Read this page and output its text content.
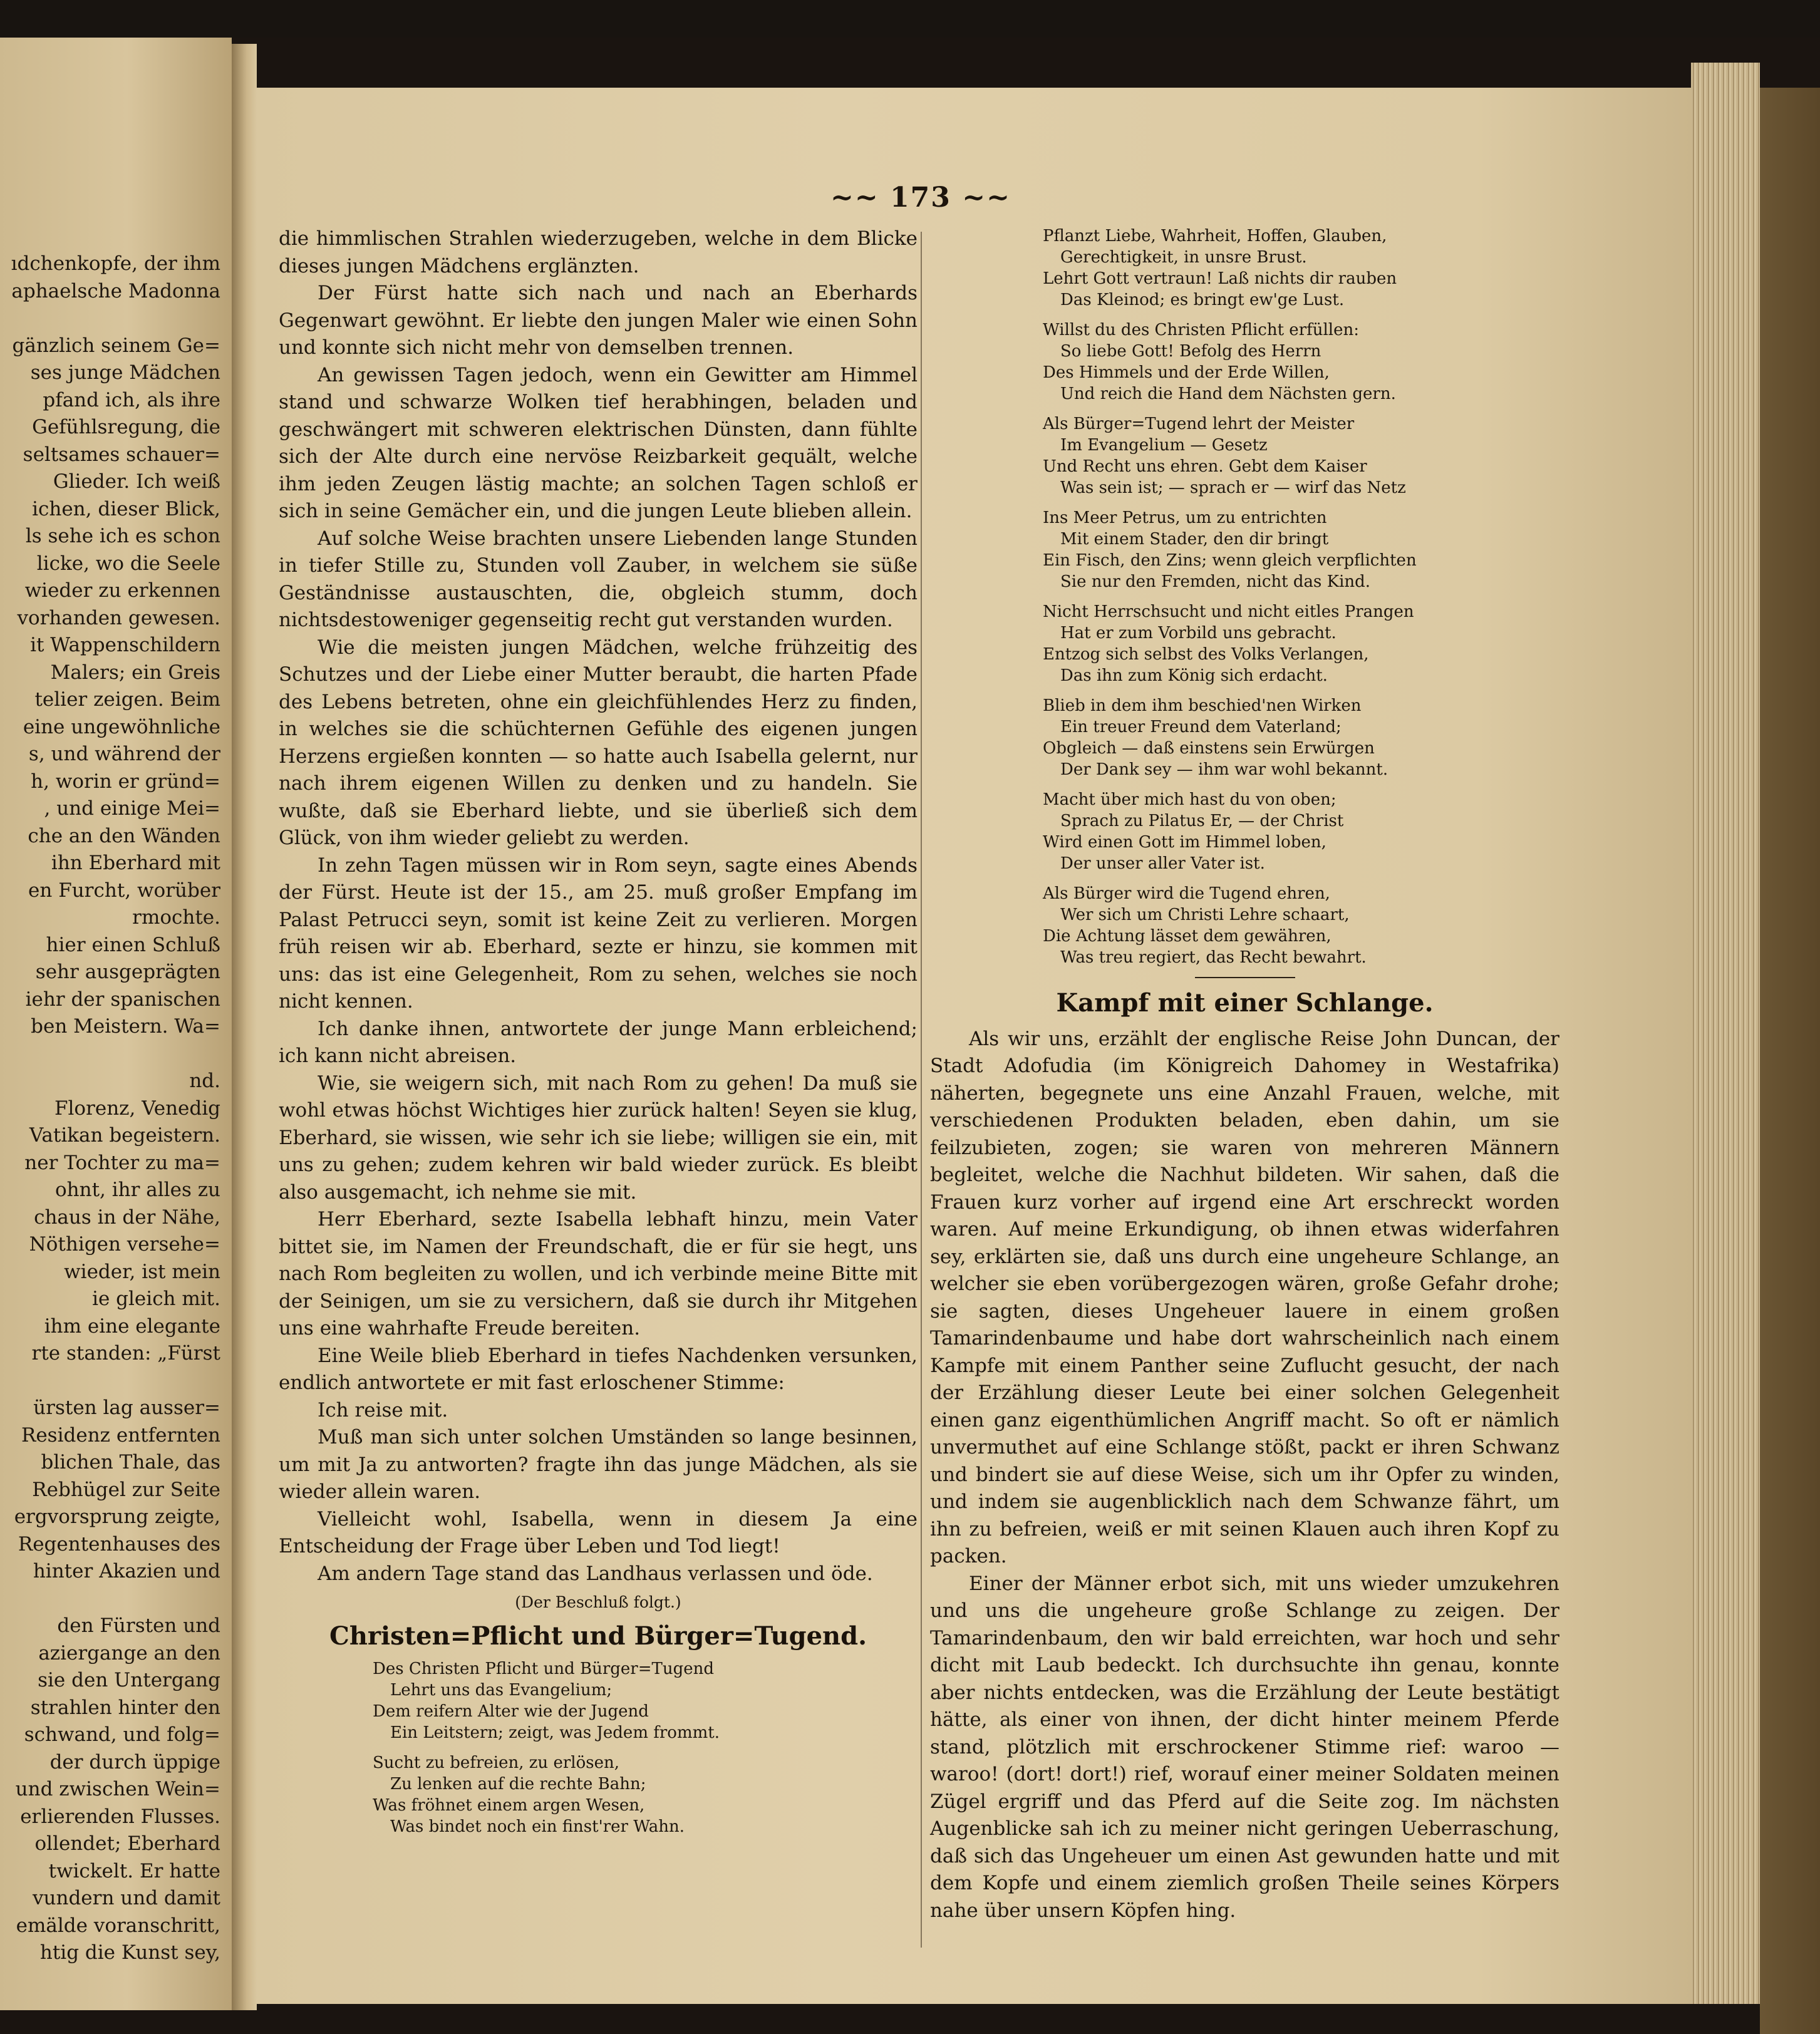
ıdchenkopfe, der ihm
aphaelsche Madonna

gänzlich seinem Ge=
ses junge Mädchen
pfand ich, als ihre
Gefühlsregung, die
seltsames schauer=
Glieder. Ich weiß
ichen, dieser Blick,
ls sehe ich es schon
licke, wo die Seele
wieder zu erkennen
vorhanden gewesen.
it Wappenschildern
Malers; ein Greis
telier zeigen. Beim
eine ungewöhnliche
s, und während der
h, worin er gründ=
, und einige Mei=
che an den Wänden
ihn Eberhard mit
en Furcht, worüber
rmochte.
hier einen Schluß
sehr ausgeprägten
iehr der spanischen
ben Meistern. Wa=

nd.
Florenz, Venedig
Vatikan begeistern.
ner Tochter zu ma=
ohnt, ihr alles zu
chaus in der Nähe,
Nöthigen versehe=
wieder, ist mein
ie gleich mit.
ihm eine elegante
rte standen: „Fürst

ürsten lag ausser=
Residenz entfernten
blichen Thale, das
Rebhügel zur Seite
ergvorsprung zeigte,
Regentenhauses des
hinter Akazien und

den Fürsten und
aziergange an den
sie den Untergang
strahlen hinter den
schwand, und folg=
der durch üppige
und zwischen Wein=
erlierenden Flusses.
ollendet; Eberhard
twickelt. Er hatte
vundern und damit
emälde voranschritt,
htig die Kunst sey,
~~ 173 ~~

die himmlischen Strahlen wiederzugeben, welche in dem Blicke dieses jungen Mädchens erglänzten.

Der Fürst hatte sich nach und nach an Eberhards Gegenwart gewöhnt. Er liebte den jungen Maler wie einen Sohn und konnte sich nicht mehr von demselben trennen.

An gewissen Tagen jedoch, wenn ein Gewitter am Himmel stand und schwarze Wolken tief herabhingen, beladen und geschwängert mit schweren elektrischen Dünsten, dann fühlte sich der Alte durch eine nervöse Reizbarkeit gequält, welche ihm jeden Zeugen lästig machte; an solchen Tagen schloß er sich in seine Gemächer ein, und die jungen Leute blieben allein.

Auf solche Weise brachten unsere Liebenden lange Stunden in tiefer Stille zu, Stunden voll Zauber, in welchem sie süße Geständnisse austauschten, die, obgleich stumm, doch nichtsdestoweniger gegenseitig recht gut verstanden wurden.

Wie die meisten jungen Mädchen, welche frühzeitig des Schutzes und der Liebe einer Mutter beraubt, die harten Pfade des Lebens betreten, ohne ein gleichfühlendes Herz zu finden, in welches sie die schüchternen Gefühle des eigenen jungen Herzens ergießen konnten — so hatte auch Isabella gelernt, nur nach ihrem eigenen Willen zu denken und zu handeln. Sie wußte, daß sie Eberhard liebte, und sie überließ sich dem Glück, von ihm wieder geliebt zu werden.

In zehn Tagen müssen wir in Rom seyn, sagte eines Abends der Fürst. Heute ist der 15., am 25. muß großer Empfang im Palast Petrucci seyn, somit ist keine Zeit zu verlieren. Morgen früh reisen wir ab. Eberhard, sezte er hinzu, sie kommen mit uns: das ist eine Gelegenheit, Rom zu sehen, welches sie noch nicht kennen.

Ich danke ihnen, antwortete der junge Mann erbleichend; ich kann nicht abreisen.

Wie, sie weigern sich, mit nach Rom zu gehen! Da muß sie wohl etwas höchst Wichtiges hier zurück halten! Seyen sie klug, Eberhard, sie wissen, wie sehr ich sie liebe; willigen sie ein, mit uns zu gehen; zudem kehren wir bald wieder zurück. Es bleibt also ausgemacht, ich nehme sie mit.

Herr Eberhard, sezte Isabella lebhaft hinzu, mein Vater bittet sie, im Namen der Freundschaft, die er für sie hegt, uns nach Rom begleiten zu wollen, und ich verbinde meine Bitte mit der Seinigen, um sie zu versichern, daß sie durch ihr Mitgehen uns eine wahrhafte Freude bereiten.

Eine Weile blieb Eberhard in tiefes Nachdenken versunken, endlich antwortete er mit fast erloschener Stimme:

Ich reise mit.

Muß man sich unter solchen Umständen so lange besinnen, um mit Ja zu antworten? fragte ihn das junge Mädchen, als sie wieder allein waren.

Vielleicht wohl, Isabella, wenn in diesem Ja eine Entscheidung der Frage über Leben und Tod liegt!

Am andern Tage stand das Landhaus verlassen und öde.

(Der Beschluß folgt.)
Christen=Pflicht und Bürger=Tugend.
Des Christen Pflicht und Bürger=Tugend
Lehrt uns das Evangelium;
Dem reifern Alter wie der Jugend
Ein Leitstern; zeigt, was Jedem frommt.
Sucht zu befreien, zu erlösen,
Zu lenken auf die rechte Bahn;
Was fröhnet einem argen Wesen,
Was bindet noch ein finst'rer Wahn.
Pflanzt Liebe, Wahrheit, Hoffen, Glauben,
Gerechtigkeit, in unsre Brust.
Lehrt Gott vertraun! Laß nichts dir rauben
Das Kleinod; es bringt ew'ge Lust.
Willst du des Christen Pflicht erfüllen:
So liebe Gott! Befolg des Herrn
Des Himmels und der Erde Willen,
Und reich die Hand dem Nächsten gern.
Als Bürger=Tugend lehrt der Meister
Im Evangelium — Gesetz
Und Recht uns ehren. Gebt dem Kaiser
Was sein ist; — sprach er — wirf das Netz
Ins Meer Petrus, um zu entrichten
Mit einem Stader, den dir bringt
Ein Fisch, den Zins; wenn gleich verpflichten
Sie nur den Fremden, nicht das Kind.
Nicht Herrschsucht und nicht eitles Prangen
Hat er zum Vorbild uns gebracht.
Entzog sich selbst des Volks Verlangen,
Das ihn zum König sich erdacht.
Blieb in dem ihm beschied'nen Wirken
Ein treuer Freund dem Vaterland;
Obgleich — daß einstens sein Erwürgen
Der Dank sey — ihm war wohl bekannt.
Macht über mich hast du von oben;
Sprach zu Pilatus Er, — der Christ
Wird einen Gott im Himmel loben,
Der unser aller Vater ist.
Als Bürger wird die Tugend ehren,
Wer sich um Christi Lehre schaart,
Die Achtung lässet dem gewähren,
Was treu regiert, das Recht bewahrt.
Kampf mit einer Schlange.

Als wir uns, erzählt der englische Reise John Duncan, der Stadt Adofudia (im Königreich Dahomey in Westafrika) näherten, begegnete uns eine Anzahl Frauen, welche, mit verschiedenen Produkten beladen, eben dahin, um sie feilzubieten, zogen; sie waren von mehreren Männern begleitet, welche die Nachhut bildeten. Wir sahen, daß die Frauen kurz vorher auf irgend eine Art erschreckt worden waren. Auf meine Erkundigung, ob ihnen etwas widerfahren sey, erklärten sie, daß uns durch eine ungeheure Schlange, an welcher sie eben vorübergezogen wären, große Gefahr drohe; sie sagten, dieses Ungeheuer lauere in einem großen Tamarindenbaume und habe dort wahrscheinlich nach einem Kampfe mit einem Panther seine Zuflucht gesucht, der nach der Erzählung dieser Leute bei einer solchen Gelegenheit einen ganz eigenthümlichen Angriff macht. So oft er nämlich unvermuthet auf eine Schlange stößt, packt er ihren Schwanz und bindert sie auf diese Weise, sich um ihr Opfer zu winden, und indem sie augenblicklich nach dem Schwanze fährt, um ihn zu befreien, weiß er mit seinen Klauen auch ihren Kopf zu packen.

Einer der Männer erbot sich, mit uns wieder umzukehren und uns die ungeheure große Schlange zu zeigen. Der Tamarindenbaum, den wir bald erreichten, war hoch und sehr dicht mit Laub bedeckt. Ich durchsuchte ihn genau, konnte aber nichts entdecken, was die Erzählung der Leute bestätigt hätte, als einer von ihnen, der dicht hinter meinem Pferde stand, plötzlich mit erschrockener Stimme rief: waroo — waroo! (dort! dort!) rief, worauf einer meiner Soldaten meinen Zügel ergriff und das Pferd auf die Seite zog. Im nächsten Augenblicke sah ich zu meiner nicht geringen Ueberraschung, daß sich das Ungeheuer um einen Ast gewunden hatte und mit dem Kopfe und einem ziemlich großen Theile seines Körpers nahe über unsern Köpfen hing.
